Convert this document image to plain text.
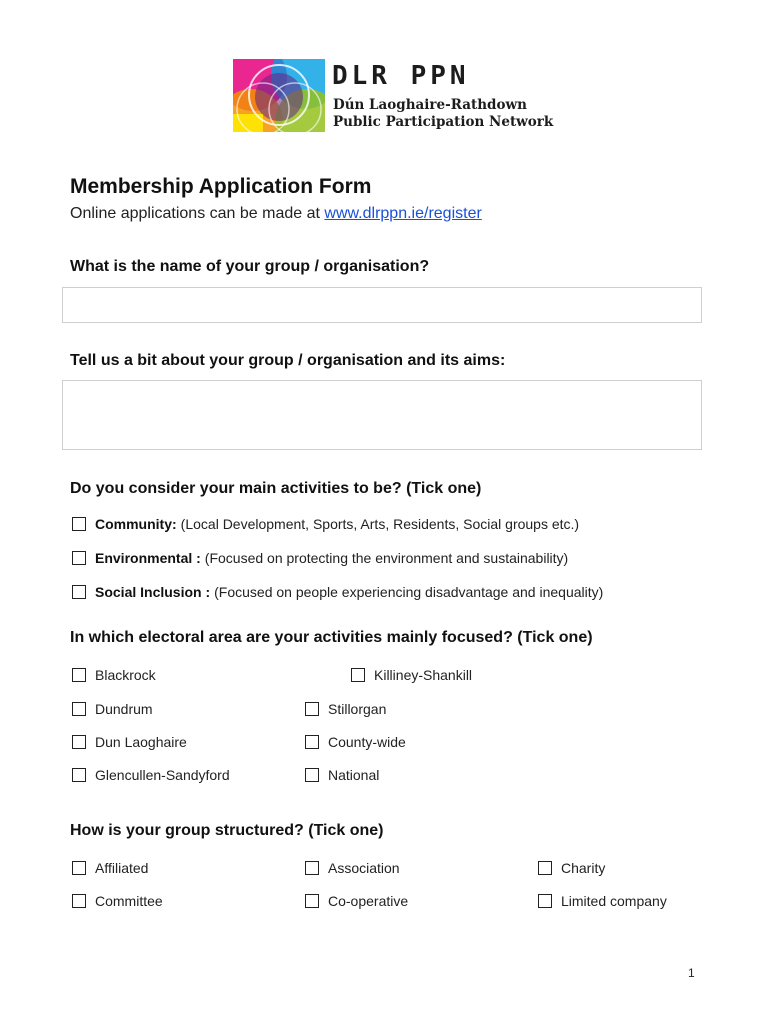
DLR PPN
Dún Laoghaire-Rathdown
Public Participation Network
Membership Application Form
Online applications can be made at www.dlrppn.ie/register
What is the name of your group / organisation?
Tell us a bit about your group / organisation and its aims:
Do you consider your main activities to be? (Tick one)
Community: (Local Development, Sports, Arts, Residents, Social groups etc.)
Environmental : (Focused on protecting the environment and sustainability)
Social Inclusion : (Focused on people experiencing disadvantage and inequality)
In which electoral area are your activities mainly focused? (Tick one)
Blackrock	Killiney-Shankill
Dundrum	Stillorgan
Dun Laoghaire	County-wide
Glencullen-Sandyford	National
How is your group structured? (Tick one)
Affiliated	Association	Charity
Committee	Co-operative	Limited company
1
